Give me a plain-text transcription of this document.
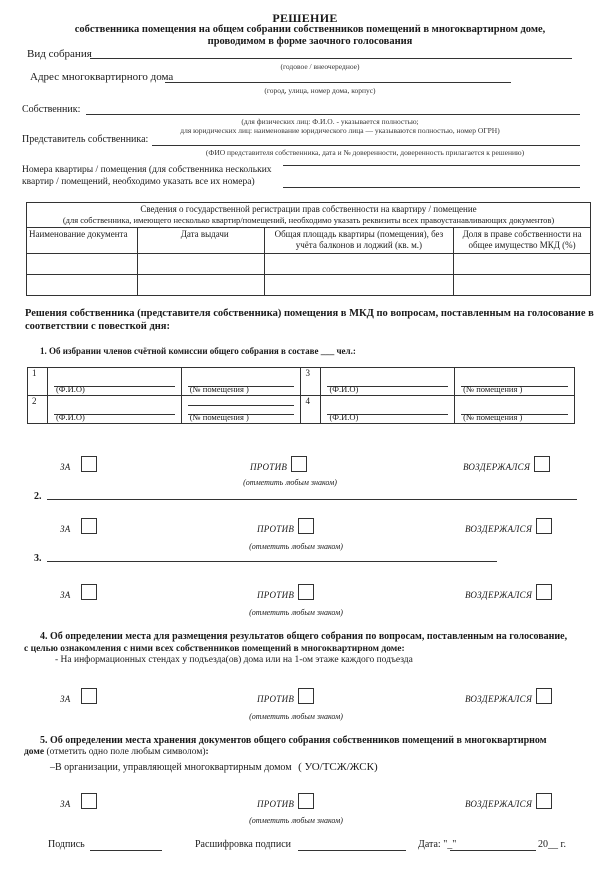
РЕШЕНИЕ
собственника помещения на общем собрании собственников помещений в многоквартирном доме,
проводимом в форме заочного голосования
Вид собрания
(годовое / внеочередное)
Адрес многоквартирного дома
(город, улица, номер дома, корпус)
Собственник:
(для физических лиц: Ф.И.О. - указывается полностью;
для юридических лиц: наименование юридического лица — указываются полностью, номер ОГРН)
Представитель собственника:
(ФИО представителя собственника, дата и № доверенности, доверенность прилагается к решению)
Номера квартиры / помещения (для собственника нескольких
квартир / помещений, необходимо указать все их номера)
Сведения о государственной регистрации прав собственности на квартиру / помещение
(для собственника, имеющего несколько квартир/помещений, необходимо указать реквизиты всех правоустанавливающих документов)			

Наименование документа	Дата выдачи	Общая площадь квартиры (помещения), без учёта балконов и лоджий (кв. м.)	Доля в праве собственности на общее имущество МКД (%)

Решения собственника (представителя собственника) помещения в МКД по вопросам, поставленным на голосование в соответствии с повесткой дня:
1. Об избрании членов счётной комиссии общего собрания в составе ___ чел.:
1	(Ф.И.О)	(№ помещения )	3	(Ф.И.О)	(№ помещения )

2	(Ф.И.О)	(№ помещения )	4	(Ф.И.О)	(№ помещения )
ЗА	ПРОТИВ	ВОЗДЕРЖАЛСЯ
(отметить любым знаком)
2.
ЗА	ПРОТИВ	ВОЗДЕРЖАЛСЯ
(отметить любым знаком)
3.
ЗА	ПРОТИВ	ВОЗДЕРЖАЛСЯ
(отметить любым знаком)
4. Об определении места для размещения результатов общего собрания по вопросам, поставленным на голосование,
с целью ознакомления с ними всех собственников помещений в многоквартирном доме:
- На информационных стендах у подъезда(ов) дома или на 1-ом этаже каждого подъезда
ЗА	ПРОТИВ	ВОЗДЕРЖАЛСЯ
(отметить любым знаком)
5. Об определении места хранения документов общего собрания собственников помещений в многоквартирном
доме (отметить одно поле любым символом):
–В организации, управляющей многоквартирным домом ( УО/ТСЖ/ЖСК)
ЗА	ПРОТИВ	ВОЗДЕРЖАЛСЯ
(отметить любым знаком)
Подпись	Расшифровка подписи	Дата: "_"	20__ г.
